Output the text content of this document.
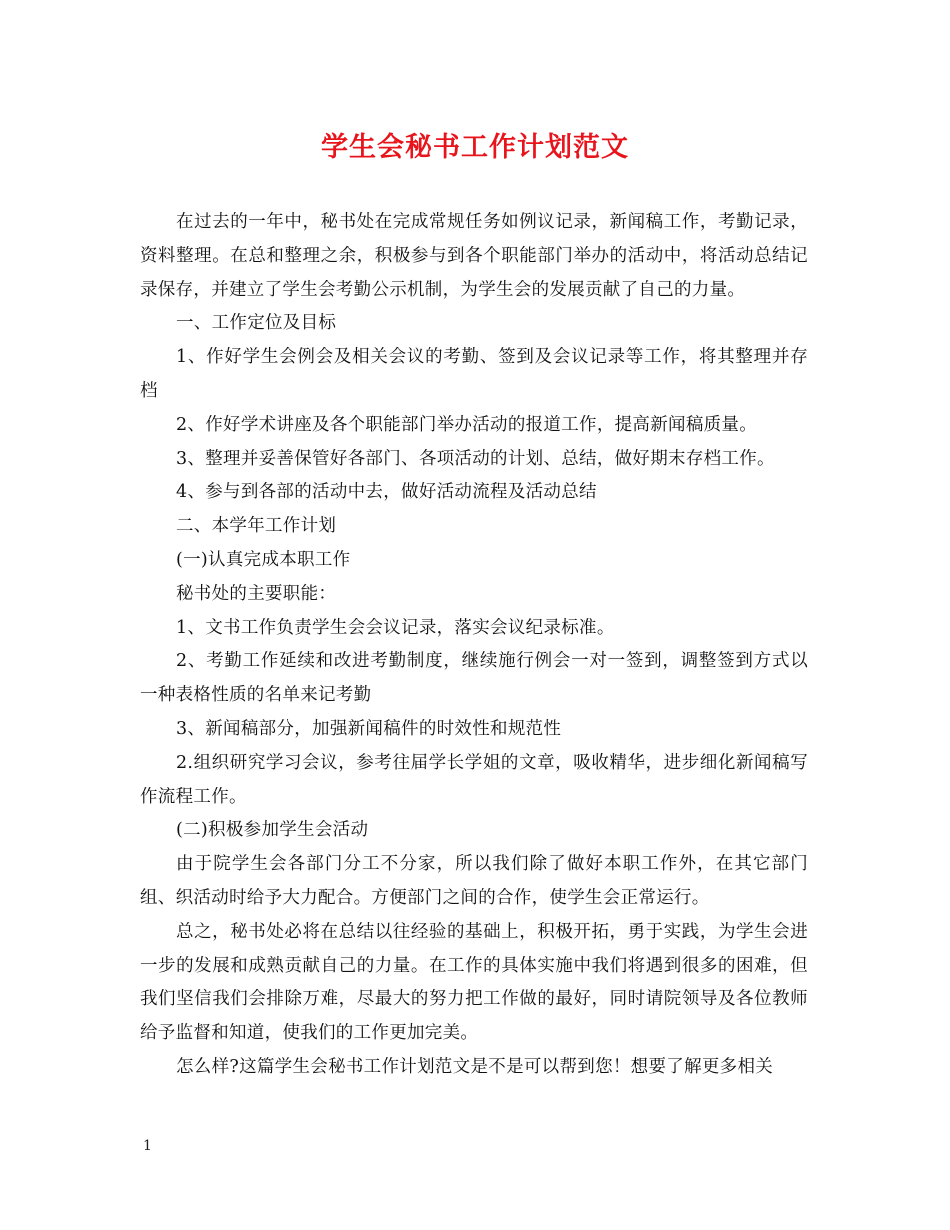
学生会秘书工作计划范文

在过去的一年中，秘书处在完成常规任务如例议记录，新闻稿工作，考勤记录，资料整理。在总和整理之余，积极参与到各个职能部门举办的活动中，将活动总结记录保存，并建立了学生会考勤公示机制，为学生会的发展贡献了自己的力量。

一、工作定位及目标

1、作好学生会例会及相关会议的考勤、签到及会议记录等工作，将其整理并存档

2、作好学术讲座及各个职能部门举办活动的报道工作，提高新闻稿质量。

3、整理并妥善保管好各部门、各项活动的计划、总结，做好期末存档工作。

4、参与到各部的活动中去，做好活动流程及活动总结

二、本学年工作计划

(一)认真完成本职工作

秘书处的主要职能：

1、文书工作负责学生会会议记录，落实会议纪录标准。

2、考勤工作延续和改进考勤制度，继续施行例会一对一签到，调整签到方式以一种表格性质的名单来记考勤

3、新闻稿部分，加强新闻稿件的时效性和规范性

2.组织研究学习会议，参考往届学长学姐的文章，吸收精华，进步细化新闻稿写作流程工作。

(二)积极参加学生会活动

由于院学生会各部门分工不分家，所以我们除了做好本职工作外，在其它部门组、织活动时给予大力配合。方便部门之间的合作，使学生会正常运行。

总之，秘书处必将在总结以往经验的基础上，积极开拓，勇于实践，为学生会进一步的发展和成熟贡献自己的力量。在工作的具体实施中我们将遇到很多的困难，但我们坚信我们会排除万难，尽最大的努力把工作做的最好，同时请院领导及各位教师给予监督和知道，使我们的工作更加完美。

怎么样?这篇学生会秘书工作计划范文是不是可以帮到您！想要了解更多相关

1
